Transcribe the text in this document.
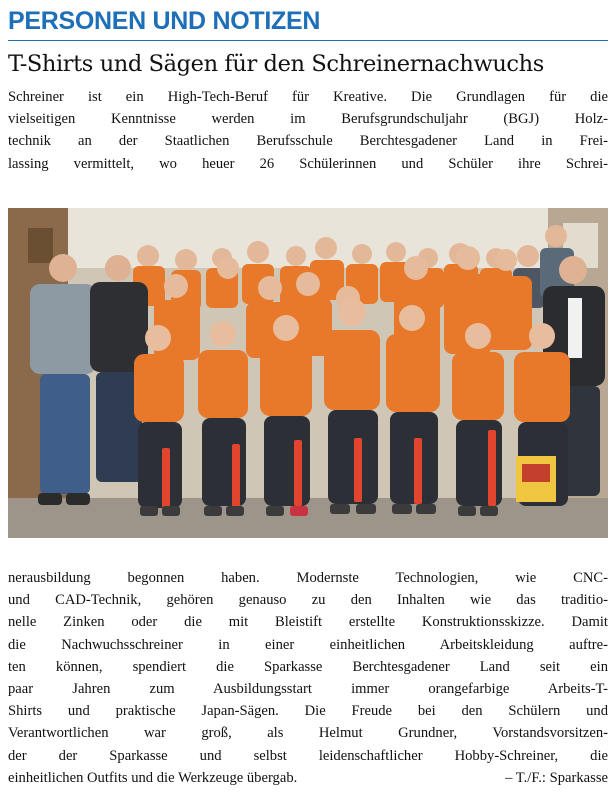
PERSONEN UND NOTIZEN
T-Shirts und Sägen für den Schreinernachwuchs
Schreiner ist ein High-Tech-Beruf für Kreative. Die Grundlagen für die
vielseitigen Kenntnisse werden im Berufsgrundschuljahr (BGJ) Holz-
technik an der Staatlichen Berufsschule Berchtesgadener Land in Frei-
lassing vermittelt, wo heuer 26 Schülerinnen und Schüler ihre Schrei-
nerausbildung begonnen haben. Modernste Technologien, wie CNC-
und CAD-Technik, gehören genauso zu den Inhalten wie das traditio-
nelle Zinken oder die mit Bleistift erstellte Konstruktionsskizze. Damit
die Nachwuchsschreiner in einer einheitlichen Arbeitskleidung auftre-
ten können, spendiert die Sparkasse Berchtesgadener Land seit ein
paar Jahren zum Ausbildungsstart immer orangefarbige Arbeits-T-
Shirts und praktische Japan-Sägen. Die Freude bei den Schülern und
Verantwortlichen war groß, als Helmut Grundner, Vorstandsvorsitzen-
der der Sparkasse und selbst leidenschaftlicher Hobby-Schreiner, die
einheitlichen Outfits und die Werkzeuge übergab.	– T./F.: Sparkasse
